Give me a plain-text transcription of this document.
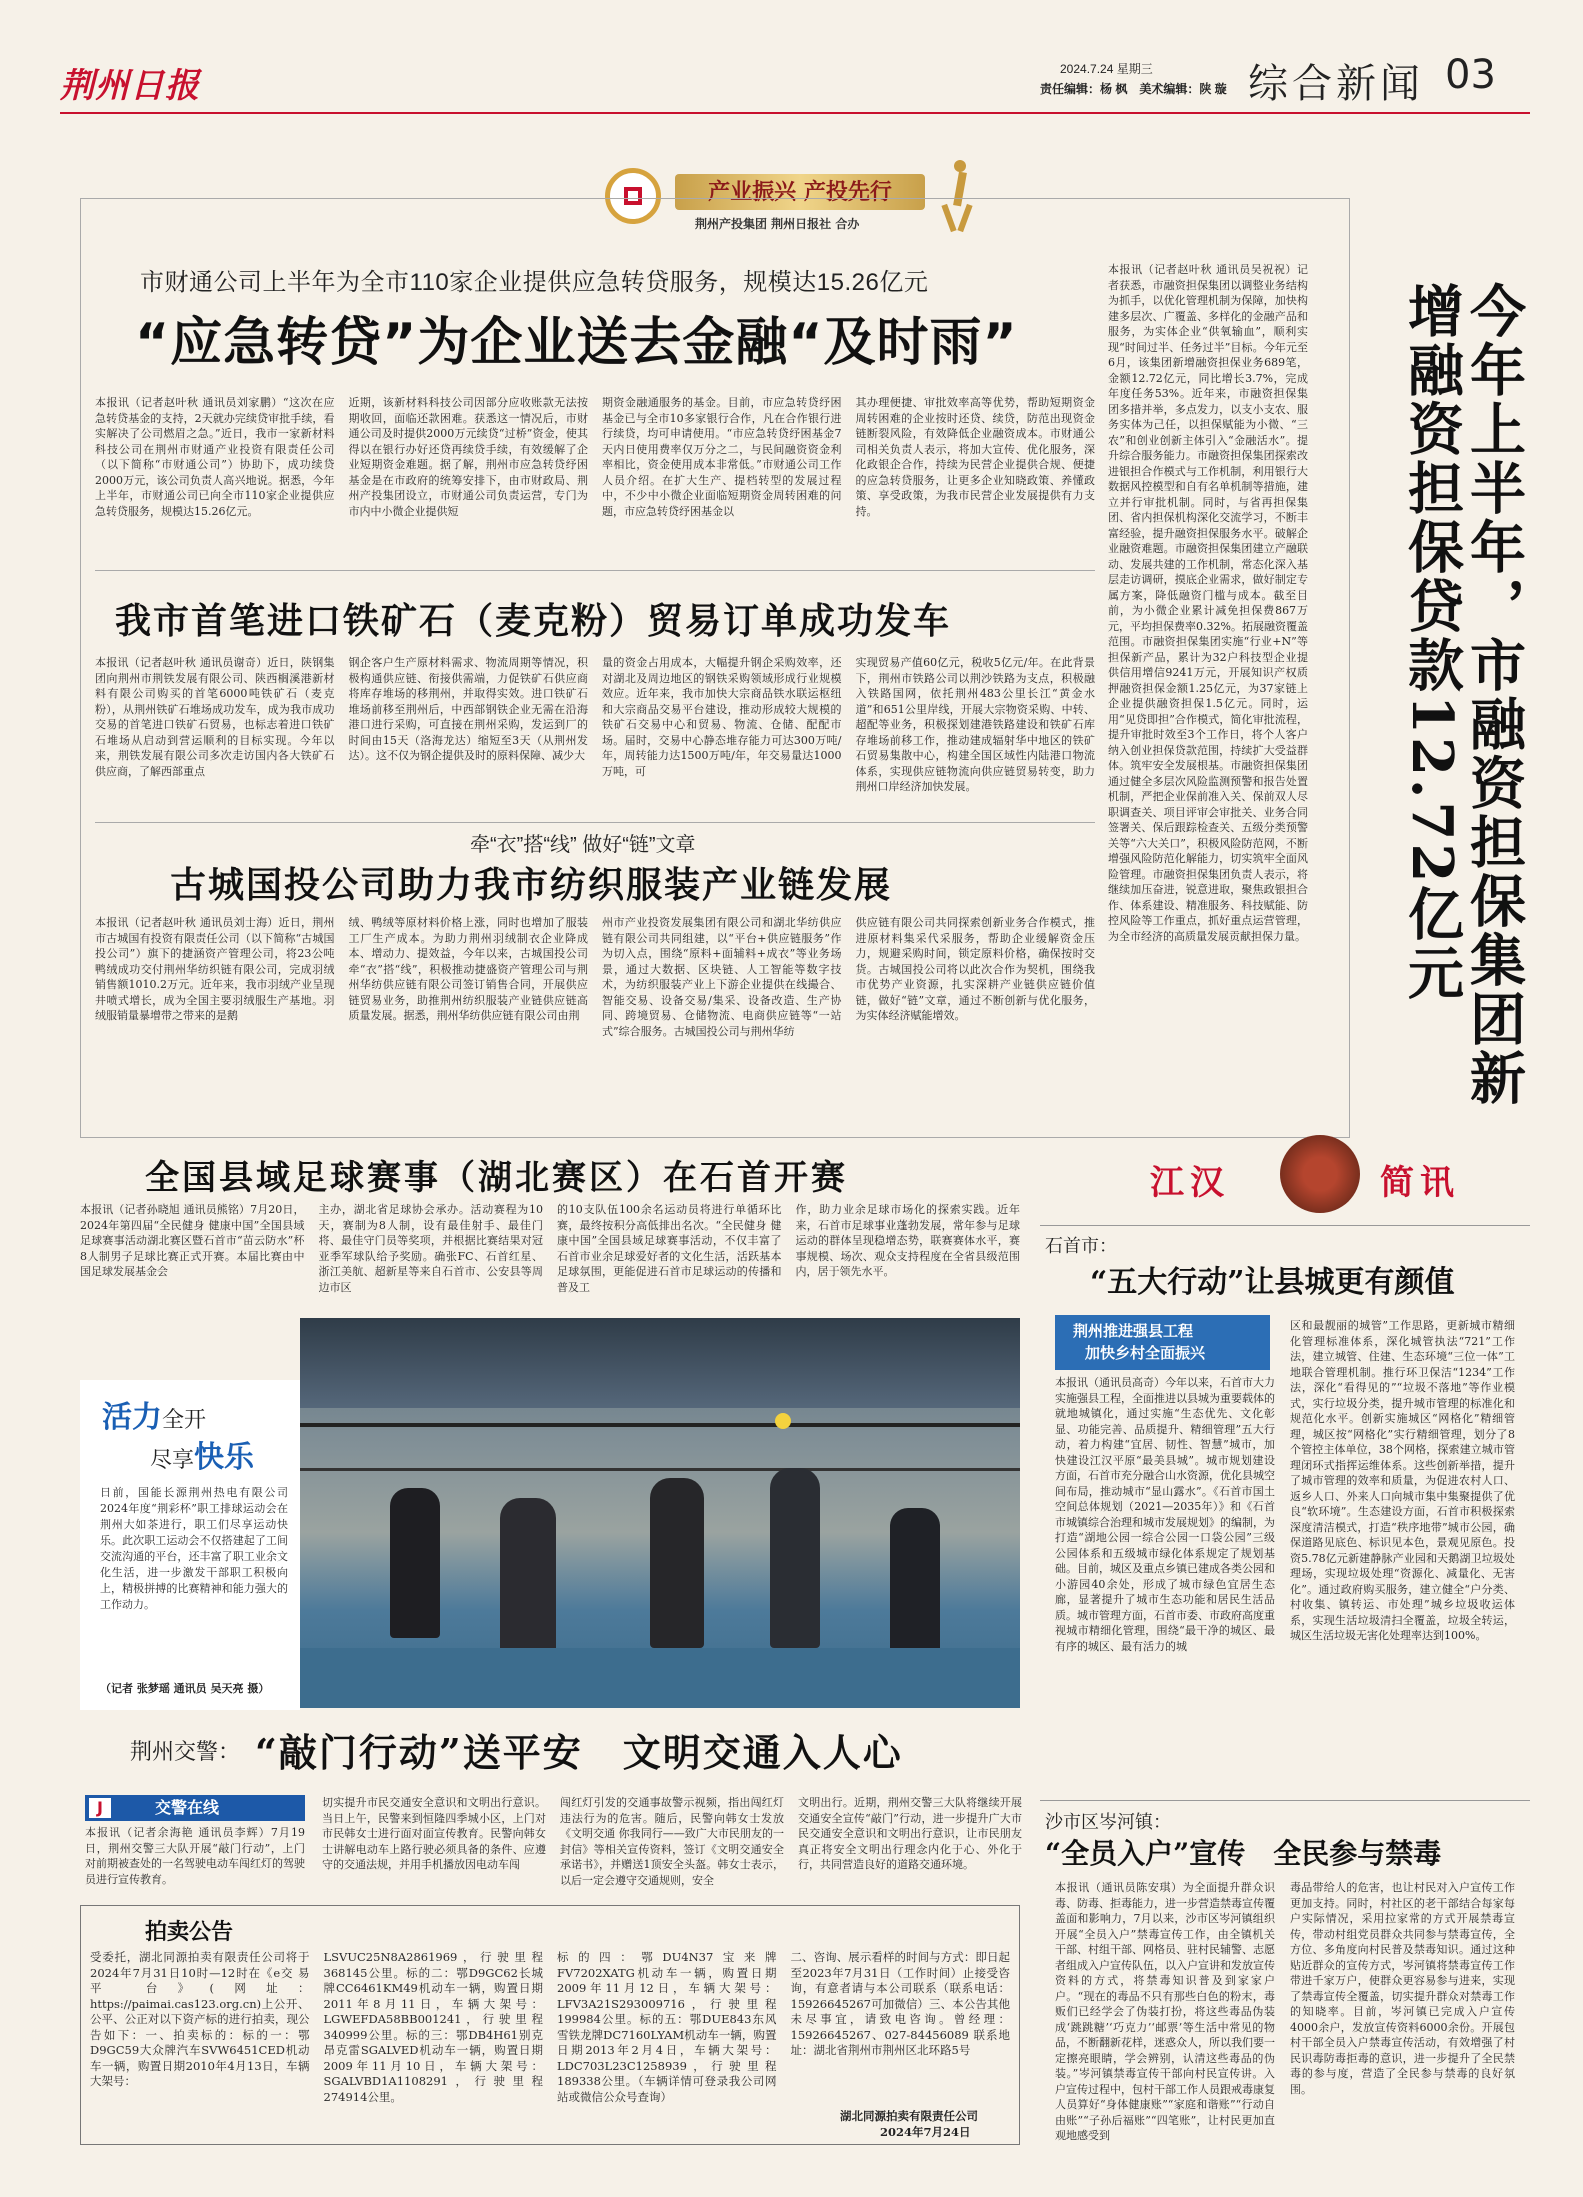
荆州日报	2024.7.24 星期三
责任编辑：杨 枫　美术编辑：陕 璇 综合新闻 03
产业振兴 产投先行
荆州产投集团 荆州日报社 合办
市财通公司上半年为全市110家企业提供应急转贷服务，规模达15.26亿元
“应急转贷”为企业送去金融“及时雨”
本报讯（记者赵叶秋 通讯员刘家鹏）“这次在应急转贷基金的支持，2天就办完续贷审批手续，看实解决了公司燃眉之急。”近日，我市一家新材料科技公司在荆州市财通产业投资有限责任公司（以下简称“市财通公司”）协助下，成功续贷2000万元，该公司负责人高兴地说。据悉，今年上半年，市财通公司已向全市110家企业提供应急转贷服务，规模达15.26亿元。
近期，该新材料科技公司因部分应收账款无法按期收回，面临还款困难。获悉这一情况后，市财通公司及时提供2000万元续贷“过桥”资金，使其得以在银行办好还贷再续贷手续，有效缓解了企业短期资金难题。据了解，荆州市应急转贷纾困基金是在市政府的统筹安排下，由市财政局、荆州产投集团设立，市财通公司负责运营，专门为市内中小微企业提供短
期资金融通服务的基金。目前，市应急转贷纾困基金已与全市10多家银行合作，凡在合作银行进行续贷，均可申请使用。“市应急转贷纾困基金7天内日使用费率仅万分之二，与民间融资资金利率相比，资金使用成本非常低。”市财通公司工作人员介绍。在扩大生产、提档转型的发展过程中，不少中小微企业面临短期资金周转困难的问题，市应急转贷纾困基金以
其办理便捷、审批效率高等优势，帮助短期资金周转困难的企业按时还贷、续贷，防范出现资金链断裂风险，有效降低企业融资成本。市财通公司相关负责人表示，将加大宣传、优化服务，深化政银企合作，持续为民营企业提供合规、便捷的应急转贷服务，让更多企业知晓政策、养懂政策、享受政策，为我市民营企业发展提供有力支持。
我市首笔进口铁矿石（麦克粉）贸易订单成功发车
本报讯（记者赵叶秋 通讯员谢奇）近日，陕钢集团向荆州市荆铁发展有限公司、陕西榈溪港新材料有限公司购买的首笔6000吨铁矿石（麦克粉），从荆州铁矿石堆场成功发车，成为我市成功交易的首笔进口铁矿石贸易，也标志着进口铁矿石堆场从启动到营运顺利的目标实现。今年以来，荆铁发展有限公司多次走访国内各大铁矿石供应商，了解西部重点
钢企客户生产原材料需求、物流周期等情况，积极构通供应链、衔接供需端，力促铁矿石供应商将库存堆场的移荆州，并取得实效。进口铁矿石堆场前移至荆州后，中西部钢铁企业无需在沿海港口进行采购，可直接在荆州采购，发运到厂的时间由15天（洛海龙达）缩短至3天（从荆州发达）。这不仅为钢企提供及时的原料保障、减少大
量的资金占用成本，大幅提升钢企采购效率，还对湖北及周边地区的钢铁采购领域形成行业规模效应。近年来，我市加快大宗商品铁水联运枢纽和大宗商品交易平台建设，推动形成较大规模的铁矿石交易中心和贸易、物流、仓储、配配市场。届时，交易中心静态堆存能力可达300万吨/年，周转能力达1500万吨/年，年交易量达1000万吨，可
实现贸易产值60亿元，税收5亿元/年。在此背景下，荆州市铁路公司以荆沙铁路为支点，积极融入铁路国网，依托荆州483公里长江“黄金水道”和651公里岸线，开展大宗物资采购、中转、超配等业务，积极探划建港铁路建设和铁矿石库存堆场前移工作，推动建成辐射华中地区的铁矿石贸易集散中心，构建全国区域性内陆港口物流体系，实现供应链物流向供应链贸易转变，助力荆州口岸经济加快发展。
牵“衣”搭“线” 做好“链”文章
古城国投公司助力我市纺织服装产业链发展
本报讯（记者赵叶秋 通讯员刘士海）近日，荆州市古城国有投资有限责任公司（以下简称“古城国投公司”）旗下的捷涵资产管理公司，将23公吨鸭绒成功交付荆州华纺织链有限公司，完成羽绒销售额1010.2万元。近年来，我市羽绒产业呈现井喷式增长，成为全国主要羽绒服生产基地。羽绒服销量暴增带之带来的是鹅
绒、鸭绒等原材料价格上涨，同时也增加了服装工厂生产成本。为助力荆州羽绒制衣企业降成本、增动力、提效益，今年以来，古城国投公司牵“衣”搭“线”，积极推动捷盛资产管理公司与荆州华纺供应链有限公司签订销售合同，开展供应链贸易业务，助推荆州纺织服装产业链供应链高质量发展。据悉，荆州华纺供应链有限公司由荆
州市产业投资发展集团有限公司和湖北华纺供应链有限公司共同组建，以“平台+供应链服务”作为切入点，围绕“原料+面辅料+成衣”等业务场景，通过大数据、区块链、人工智能等数字技术，为纺织服装产业上下游企业提供在线撮合、智能交易、设备交易/集采、设备改造、生产协同、跨境贸易、仓储物流、电商供应链等“一站式”综合服务。古城国投公司与荆州华纺
供应链有限公司共同探索创新业务合作模式，推进原材料集采代采服务，帮助企业缓解资金压力，规避采购时间，锁定原料价格，确保按时交货。古城国投公司将以此次合作为契机，围绕我市优势产业资源，扎实深耕产业链供应链价值链，做好“链”文章，通过不断创新与优化服务，为实体经济赋能增效。
本报讯（记者赵叶秋 通讯员吴祝祝）记者获悉，市融资担保集团以调整业务结构为抓手，以优化管理机制为保障，加快构建多层次、广覆盖、多样化的金融产品和服务，为实体企业“供氧输血”，顺利实现“时间过半、任务过半”目标。今年元至6月，该集团新增融资担保业务689笔，金额12.72亿元，同比增长3.7%，完成年度任务53%。近年来，市融资担保集团多措并举，多点发力，以支小支农、服务实体为己任，以担保赋能为小微、“三农”和创业创新主体引入“金融活水”。提升综合服务能力。市融资担保集团探索改进银担合作模式与工作机制，利用银行大数据风控模型和自有名单机制等措施，建立并行审批机制。同时，与省再担保集团、省内担保机构深化交流学习，不断丰富经验，提升融资担保服务水平。破解企业融资难题。市融资担保集团建立产融联动、发展共建的工作机制，常态化深入基层走访调研，摸底企业需求，做好制定专属方案，降低融资门槛与成本。截至目前，为小微企业累计减免担保费867万元，平均担保费率0.32%。拓展融资覆盖范围。市融资担保集团实施“行业+N”等担保新产品，累计为32户科技型企业提供信用增信9241万元，开展知识产权质押融资担保金额1.25亿元，为37家链上企业提供融资担保1.5亿元。同时，运用“见贷即担”合作模式，简化审批流程，提升审批时效至3个工作日，将个人客户纳入创业担保贷款范围，持续扩大受益群体。筑牢安全发展根基。市融资担保集团通过健全多层次风险监测预警和报告处置机制，严把企业保前准入关、保前双人尽职调查关、项目评审会审批关、业务合同签署关、保后跟踪检查关、五级分类预警关等“六大关口”，积极风险防范网，不断增强风险防范化解能力，切实筑牢全面风险管理。市融资担保集团负责人表示，将继续加压奋进，锐意进取，聚焦政银担合作、体系建设、精准服务、科技赋能、防控风险等工作重点，抓好重点运营管理，为全市经济的高质量发展贡献担保力量。	今年上半年，市融资担保集团新增融资担保贷款12.72亿元
全国县域足球赛事（湖北赛区）在石首开赛
本报讯（记者孙晓旭 通讯员熊铭）7月20日，2024年第四届“全民健身 健康中国”全国县域足球赛事活动湖北赛区暨石首市“苗云防水”杯8人制男子足球比赛正式开赛。本届比赛由中国足球发展基金会
主办，湖北省足球协会承办。活动赛程为10天，赛制为8人制，设有最佳射手、最佳门将、最佳守门员等奖项，并根据比赛结果对冠亚季军球队给予奖励。确张FC、石首红星、浙江美航、超新星等来自石首市、公安县等周边市区
的10支队伍100余名运动员将进行单循环比赛，最终按积分高低排出名次。“全民健身 健康中国”全国县域足球赛事活动，不仅丰富了石首市业余足球爱好者的文化生活，活跃基本足球氛围，更能促进石首市足球运动的传播和普及工
作，助力业余足球市场化的探索实践。近年来，石首市足球事业蓬勃发展，常年参与足球运动的群体呈现稳增态势，联赛赛体水平，赛事规模、场次、观众支持程度在全省县级范围内，居于领先水平。
活力全开
尽享快乐
日前，国能长源荆州热电有限公司2024年度“荆彩杯”职工排球运动会在荆州大如茶进行，职工们尽享运动快乐。此次职工运动会不仅搭建起了工间交流沟通的平台，还丰富了职工业余文化生活，进一步激发干部职工积极向上，精极拼搏的比赛精神和能力强大的工作动力。
（记者 张梦瑶 通讯员 吴天亮 摄）
荆州交警： “敲门行动”送平安　文明交通入人心
J	交警在线
本报讯（记者余海艳 通讯员李辉）7月19日，荆州交警三大队开展“敲门行动”，上门对前期被查处的一名驾驶电动车闯红灯的驾驶员进行宣传教育。
切实提升市民交通安全意识和文明出行意识。当日上午，民警来到恒隆四季城小区，上门对市民韩女士进行面对面宣传教育。民警向韩女士讲解电动车上路行驶必须具备的条件、应遵守的交通法规，并用手机播放因电动车闯
闯红灯引发的交通事故警示视频，指出闯红灯违法行为的危害。随后，民警向韩女士发放《文明交通 你我同行——致广大市民朋友的一封信》等相关宣传资料，签订《文明交通安全承诺书》，并赠送1顶安全头盔。韩女士表示，以后一定会遵守交通规则，安全
文明出行。近期，荆州交警三大队将继续开展交通安全宣传“敲门”行动，进一步提升广大市民交通安全意识和文明出行意识，让市民朋友真正将安全文明出行理念内化于心、外化于行，共同营造良好的道路交通环境。
拍卖公告
受委托，湖北同源拍卖有限责任公司将于2024年7月31日10时—12时在《e交 易 平 台》(网址：https://paimai.cas123.org.cn)上公开、公平、公正对以下资产标的进行拍卖，现公告如下：一、拍卖标的：标的一：鄂D9GC59大众牌汽车SVW6451CED机动车一辆，购置日期2010年4月13日，车辆大架号：
LSVUC25N8A2861969，行驶里程368145公里。标的二：鄂D9GC62长城牌CC6461KM49机动车一辆，购置日期2011年8月11日，车辆大架号：LGWEFDA58BB001241，行驶里程340999公里。标的三：鄂DB4H61别克昂克雷SGALVED机动车一辆，购置日期2009年11月10日，车辆大架号：SGALVBD1A1108291，行驶里程274914公里。
标的四：鄂DU4N37宝来牌FV7202XATG机动车一辆，购置日期2009年11月12日，车辆大架号：LFV3A21S293009716，行驶里程199984公里。标的五：鄂DUE843东风雪铁龙牌DC7160LYAM机动车一辆，购置日期2013年2月4日，车辆大架号：LDC703L23C1258939，行驶里程189338公里。（车辆详情可登录我公司网站或微信公众号查询）
二、咨询、展示看样的时间与方式：即日起至2023年7月31日（工作时间）止接受咨询，有意者请与本公司联系（联系电话：15926645267可加微信）三、本公告其他未尽事宜，请致电咨询。曾经理：15926645267、027-84456089 联系地址：湖北省荆州市荆州区北环路5号
湖北同源拍卖有限责任公司
2024年7月24日
江汉	简讯
石首市：
“五大行动”让县城更有颜值
荆州推进强县工程
加快乡村全面振兴
本报讯（通讯员高奇）今年以来，石首市大力实施强县工程，全面推进以县城为重要载体的就地城镇化，通过实施“生态优先、文化彰显、功能完善、品质提升、精细管理”五大行动，着力构建“宜居、韧性、智慧”城市，加快建设江汉平原“最美县城”。城市规划建设方面，石首市充分融合山水资源，优化县城空间布局，推动城市“显山露水”。《石首市国土空间总体规划（2021—2035年）》和《石首市城镇综合治理和城市发展规划》的编制，为打造“湖地公园一综合公园一口袋公园”三级公园体系和五级城市绿化体系规定了规划基础。目前，城区及重点乡镇已建成各类公园和小游园40余处，形成了城市绿色宜居生态廊，显著提升了城市生态功能和居民生活品质。城市管理方面，石首市委、市政府高度重视城市精细化管理，围绕“最干净的城区、最有序的城区、最有活力的城
区和最靓丽的城管”工作思路，更新城市精细化管理标准体系，深化城管执法“721”工作法，建立城管、住建、生态环境“三位一体”工地联合管理机制。推行环卫保洁“1234”工作法，深化“看得见的”“垃圾不落地”等作业模式，实行垃圾分类，提升城市管理的标准化和规范化水平。创新实施城区“网格化”精细管理，城区按“网格化”实行精细管理，划分了8个管控主体单位，38个网格，探索建立城市管理闭环式指挥运维体系。这些创新举措，提升了城市管理的效率和质量，为促进农村人口、返乡人口、外来人口向城市集中集聚提供了优良“软环境”。生态建设方面，石首市积极探索深度清洁模式，打造“秩序地带”城市公园，确保道路见底色、标识见本色，景观见原色。投资5.78亿元新建静脉产业园和天鹅湖卫垃圾处理场，实现垃圾处理“资源化、减量化、无害化”。通过政府购买服务，建立健全“户分类、村收集、镇转运、市处理”城乡垃圾收运体系，实现生活垃圾清扫全覆盖，垃圾全转运，城区生活垃圾无害化处理率达到100%。
沙市区岑河镇：
“全员入户”宣传　全民参与禁毒
本报讯（通讯员陈安琪）为全面提升群众识毒、防毒、拒毒能力，进一步营造禁毒宣传覆盖面和影响力，7月以来，沙市区岑河镇组织开展“全员入户”禁毒宣传工作，由全镇机关干部、村组干部、网格员、驻村民辅警、志愿者组成入户宣传队伍，以入户宣讲和发放宣传资料的方式，将禁毒知识普及到家家户户。“现在的毒品不只有那些白色的粉末，毒贩们已经学会了伪装打扮，将这些毒品伪装成‘跳跳糖’‘巧克力’‘邮票’等生活中常见的物品，不断翻新花样，迷惑众人，所以我们要一定擦亮眼睛，学会辨别，认清这些毒品的伪装。”岑河镇禁毒宣传干部向村民宣传讲。入户宣传过程中，包村干部工作人员跟戒毒康复人员算好“身体健康账”“家庭和谐账”“行动自由账”“子孙后福账”“四笔账”，让村民更加直观地感受到
毒品带给人的危害，也让村民对入户宣传工作更加支持。同时，村社区的老干部结合每家每户实际情况，采用拉家常的方式开展禁毒宣传，带动村组党员群众共同参与禁毒宣传，全方位、多角度向村民普及禁毒知识。通过这种贴近群众的宣传方式，岑河镇将禁毒宣传工作带进千家万户，使群众更容易参与进来，实现了禁毒宣传全覆盖，切实提升群众对禁毒工作的知晓率。目前，岑河镇已完成入户宣传4000余户，发放宣传资料6000余份。开展包村干部全员入户禁毒宣传活动，有效增强了村民识毒防毒拒毒的意识，进一步提升了全民禁毒的参与度，营造了全民参与禁毒的良好氛围。
